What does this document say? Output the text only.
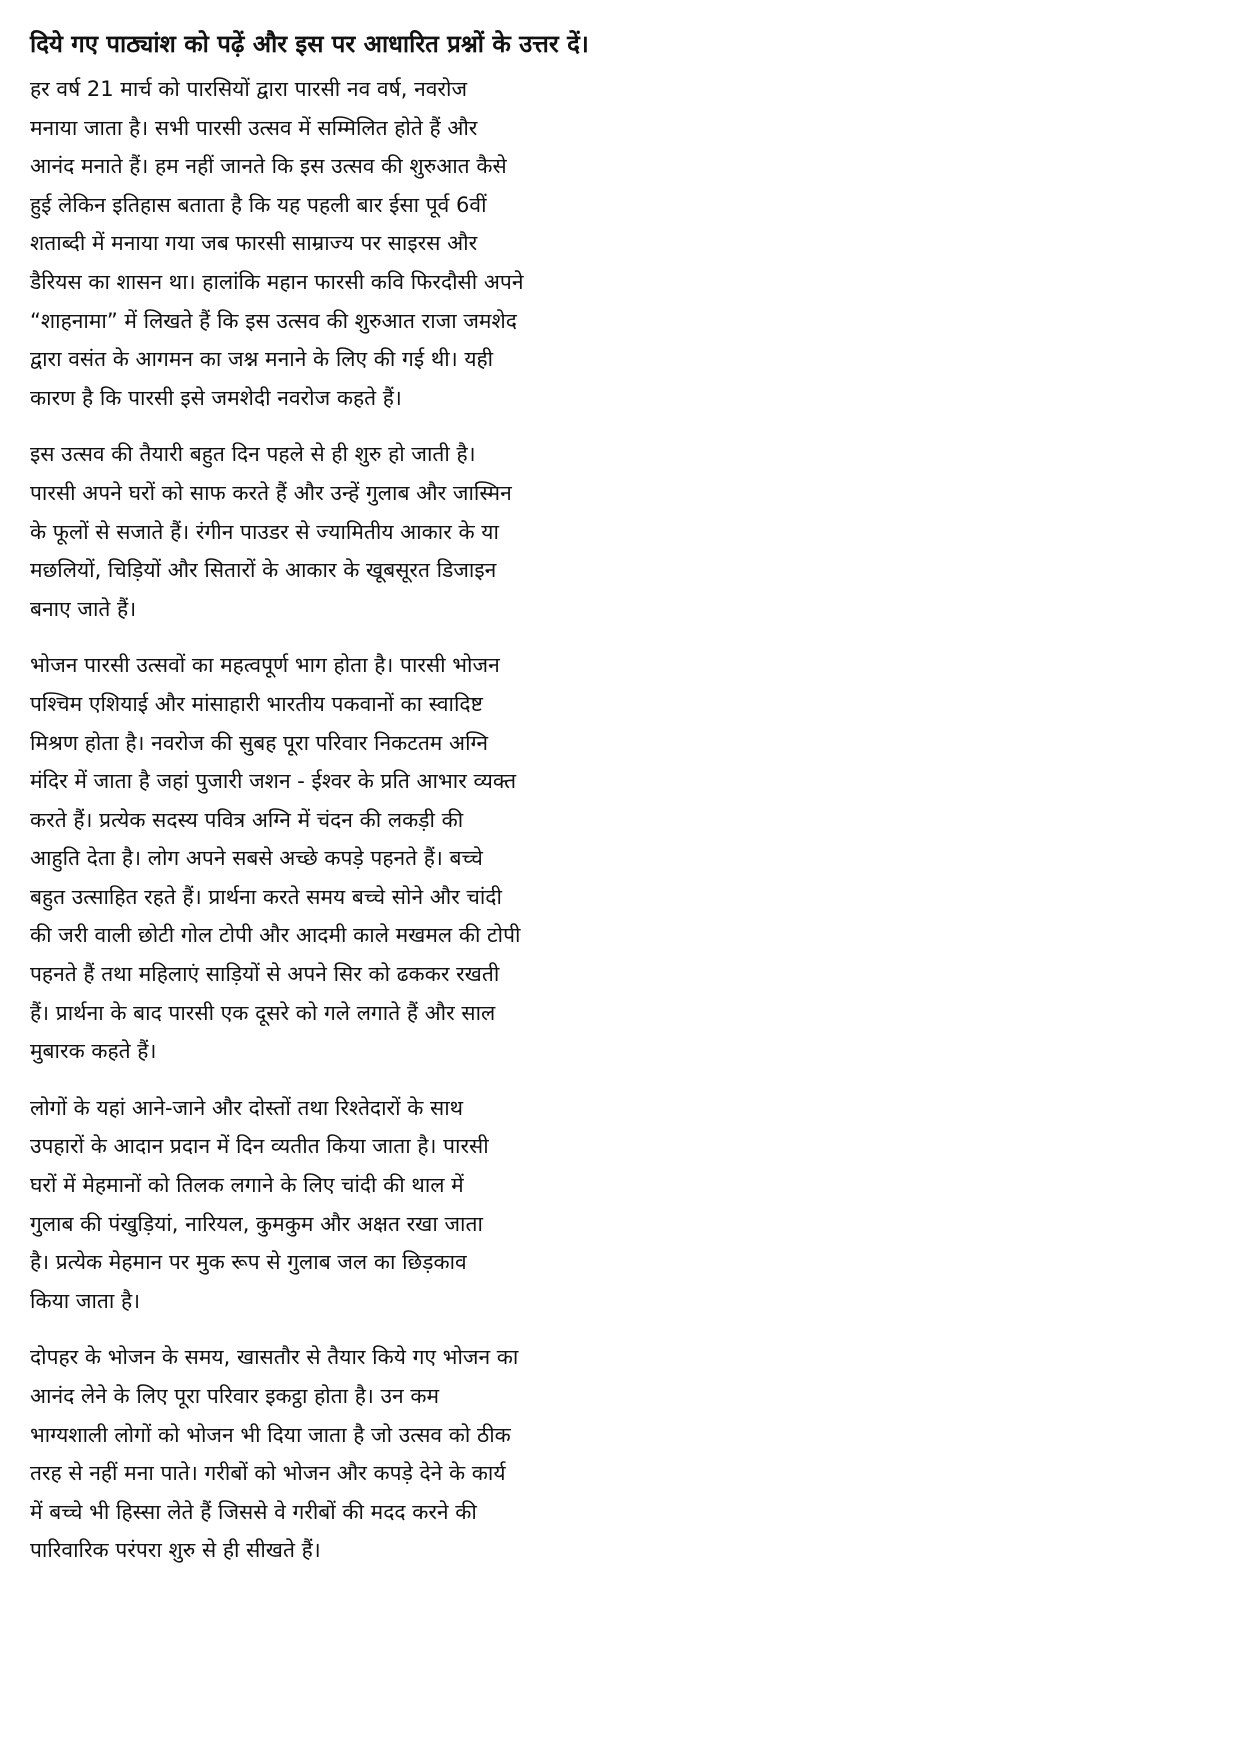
दिये गए पाठ्यांश को पढ़ें और इस पर आधारित प्रश्नों के उत्तर दें।
हर वर्ष 21 मार्च को पारसियों द्वारा पारसी नव वर्ष, नवरोज
मनाया जाता है। सभी पारसी उत्सव में सम्मिलित होते हैं और
आनंद मनाते हैं। हम नहीं जानते कि इस उत्सव की शुरुआत कैसे
हुई लेकिन इतिहास बताता है कि यह पहली बार ईसा पूर्व 6वीं
शताब्दी में मनाया गया जब फारसी साम्राज्य पर साइरस और
डैरियस का शासन था। हालांकि महान फारसी कवि फिरदौसी अपने
“शाहनामा” में लिखते हैं कि इस उत्सव की शुरुआत राजा जमशेद
द्वारा वसंत के आगमन का जश्न मनाने के लिए की गई थी। यही
कारण है कि पारसी इसे जमशेदी नवरोज कहते हैं।
इस उत्सव की तैयारी बहुत दिन पहले से ही शुरु हो जाती है।
पारसी अपने घरों को साफ करते हैं और उन्हें गुलाब और जास्मिन
के फूलों से सजाते हैं। रंगीन पाउडर से ज्यामितीय आकार के या
मछलियों, चिड़ियों और सितारों के आकार के खूबसूरत डिजाइन
बनाए जाते हैं।
भोजन पारसी उत्सवों का महत्वपूर्ण भाग होता है। पारसी भोजन
पश्चिम एशियाई और मांसाहारी भारतीय पकवानों का स्वादिष्ट
मिश्रण होता है। नवरोज की सुबह पूरा परिवार निकटतम अग्नि
मंदिर में जाता है जहां पुजारी जशन - ईश्वर के प्रति आभार व्यक्त
करते हैं। प्रत्येक सदस्य पवित्र अग्नि में चंदन की लकड़ी की
आहुति देता है। लोग अपने सबसे अच्छे कपड़े पहनते हैं। बच्चे
बहुत उत्साहित रहते हैं। प्रार्थना करते समय बच्चे सोने और चांदी
की जरी वाली छोटी गोल टोपी और आदमी काले मखमल की टोपी
पहनते हैं तथा महिलाएं साड़ियों से अपने सिर को ढककर रखती
हैं। प्रार्थना के बाद पारसी एक दूसरे को गले लगाते हैं और साल
मुबारक कहते हैं।
लोगों के यहां आने-जाने और दोस्तों तथा रिश्तेदारों के साथ
उपहारों के आदान प्रदान में दिन व्यतीत किया जाता है। पारसी
घरों में मेहमानों को तिलक लगाने के लिए चांदी की थाल में
गुलाब की पंखुड़ियां, नारियल, कुमकुम और अक्षत रखा जाता
है। प्रत्येक मेहमान पर मुक रूप से गुलाब जल का छिड़काव
किया जाता है।
दोपहर के भोजन के समय, खासतौर से तैयार किये गए भोजन का
आनंद लेने के लिए पूरा परिवार इकट्ठा होता है। उन कम
भाग्यशाली लोगों को भोजन भी दिया जाता है जो उत्सव को ठीक
तरह से नहीं मना पाते। गरीबों को भोजन और कपड़े देने के कार्य
में बच्चे भी हिस्सा लेते हैं जिससे वे गरीबों की मदद करने की
पारिवारिक परंपरा शुरु से ही सीखते हैं।
